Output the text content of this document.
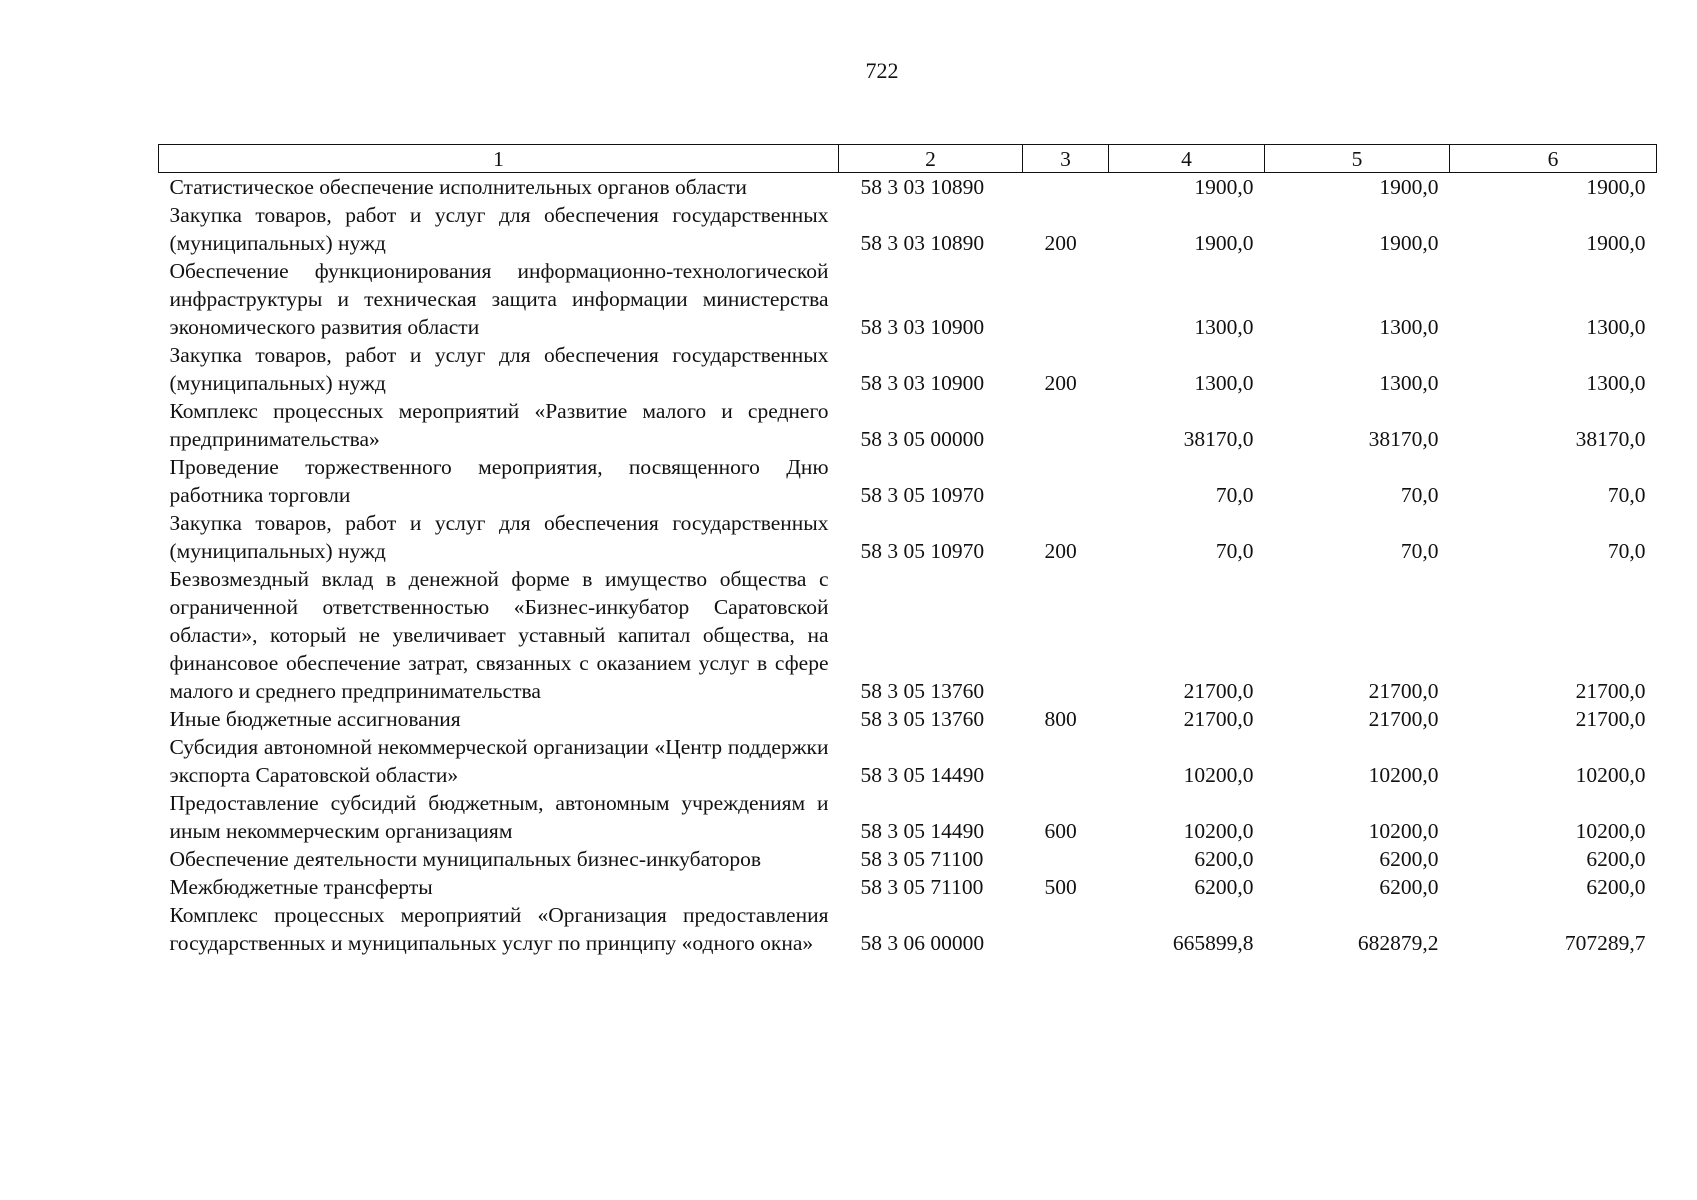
722
1	2	3	4	5	6
Статистическое обеспечение исполнительных органов области	58 3 03 10890		1900,0	1900,0	1900,0
Закупка товаров, работ и услуг для обеспечения государственных (муниципальных) нужд	58 3 03 10890	200	1900,0	1900,0	1900,0
Обеспечение функционирования информационно-технологической инфраструктуры и техническая защита информации министерства экономического развития области	58 3 03 10900		1300,0	1300,0	1300,0
Закупка товаров, работ и услуг для обеспечения государственных (муниципальных) нужд	58 3 03 10900	200	1300,0	1300,0	1300,0
Комплекс процессных мероприятий «Развитие малого и среднего предпринимательства»	58 3 05 00000		38170,0	38170,0	38170,0
Проведение торжественного мероприятия, посвященного Дню работника торговли	58 3 05 10970		70,0	70,0	70,0
Закупка товаров, работ и услуг для обеспечения государственных (муниципальных) нужд	58 3 05 10970	200	70,0	70,0	70,0
Безвозмездный вклад в денежной форме в имущество общества с ограниченной ответственностью «Бизнес-инкубатор Саратовской области», который не увеличивает уставный капитал общества, на финансовое обеспечение затрат, связанных с оказанием услуг в сфере малого и среднего предпринимательства	58 3 05 13760		21700,0	21700,0	21700,0
Иные бюджетные ассигнования	58 3 05 13760	800	21700,0	21700,0	21700,0
Субсидия автономной некоммерческой организации «Центр поддержки экспорта Саратовской области»	58 3 05 14490		10200,0	10200,0	10200,0
Предоставление субсидий бюджетным, автономным учреждениям и иным некоммерческим организациям	58 3 05 14490	600	10200,0	10200,0	10200,0
Обеспечение деятельности муниципальных бизнес-инкубаторов	58 3 05 71100		6200,0	6200,0	6200,0
Межбюджетные трансферты	58 3 05 71100	500	6200,0	6200,0	6200,0
Комплекс процессных мероприятий «Организация предоставления государственных и муниципальных услуг по принципу «одного окна»	58 3 06 00000		665899,8	682879,2	707289,7
